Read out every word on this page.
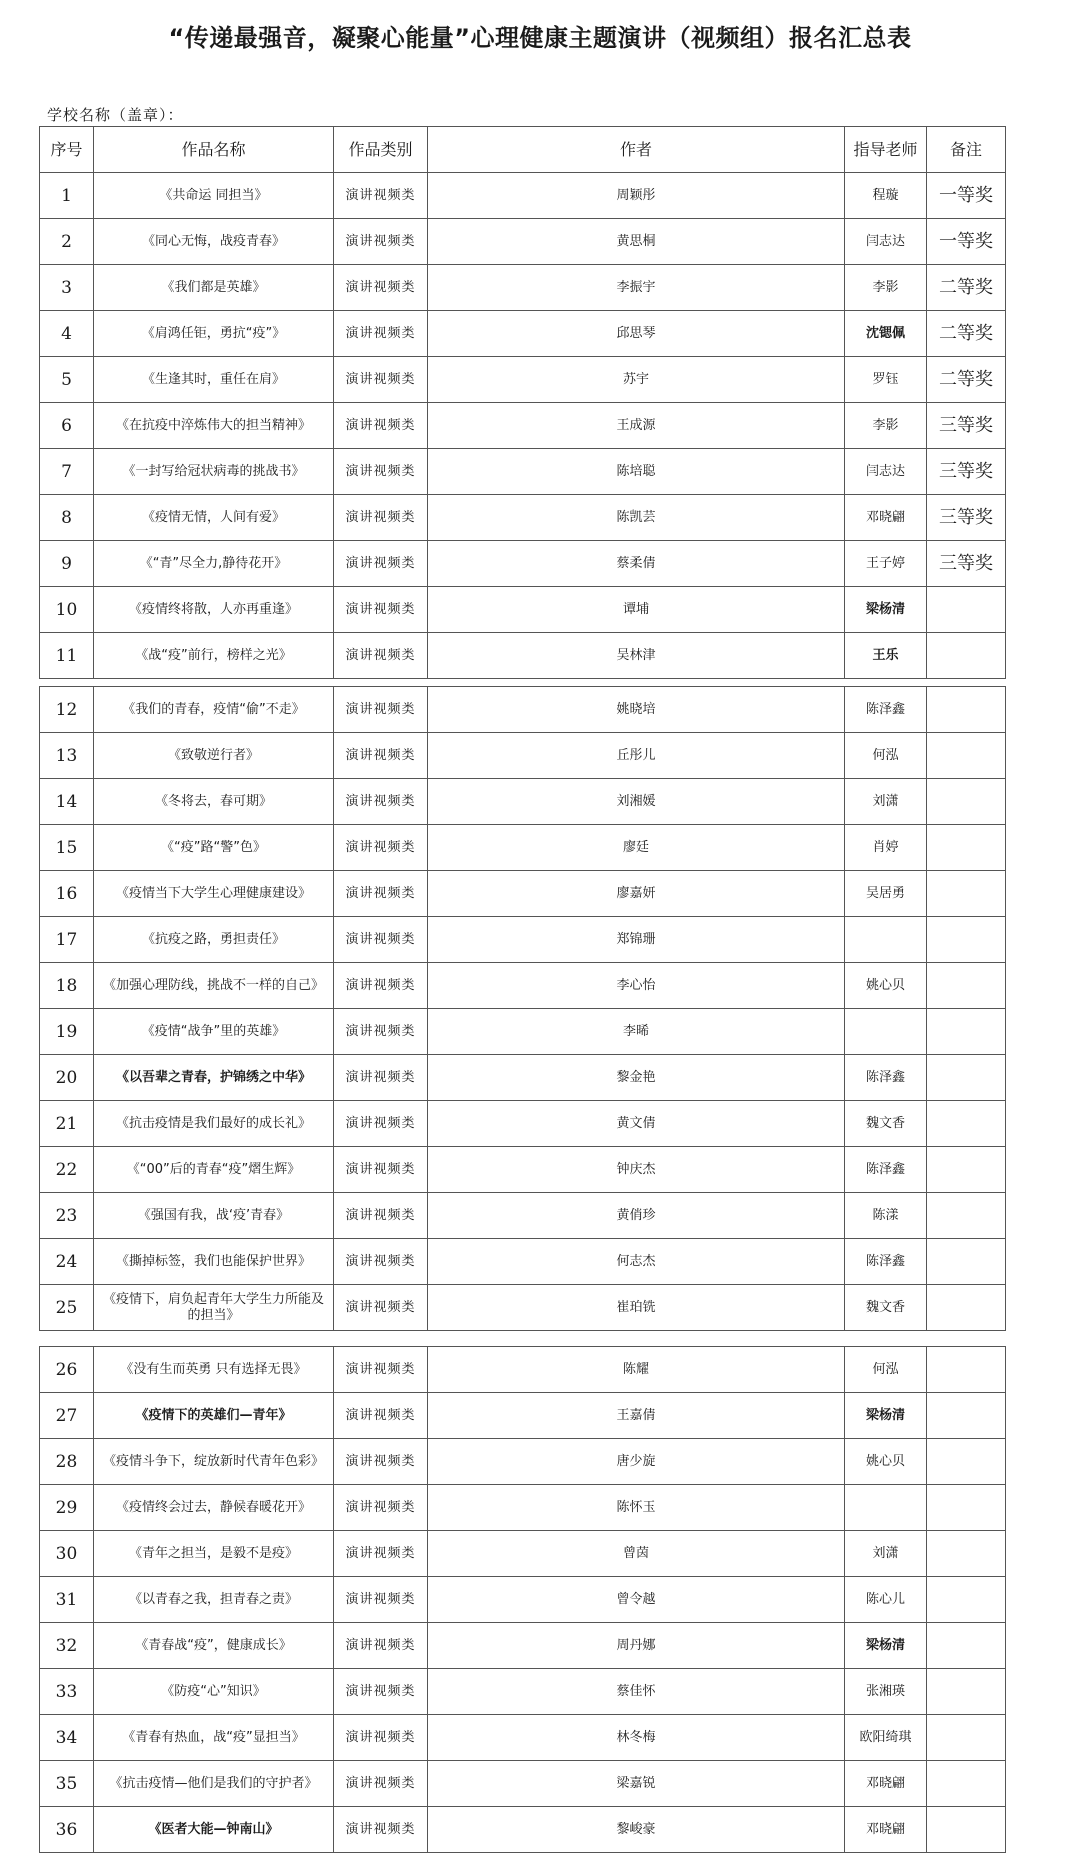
“传递最强音，凝聚心能量”心理健康主题演讲（视频组）报名汇总表
学校名称（盖章）：
序号	作品名称	作品类别	作者	指导老师	备注
1	《共命运 同担当》	演讲视频类	周颖彤	程璇	一等奖
2	《同心无悔，战疫青春》	演讲视频类	黄思桐	闫志达	一等奖
3	《我们都是英雄》	演讲视频类	李振宇	李影	二等奖
4	《肩鸿任钜，勇抗“疫”》	演讲视频类	邱思琴	沈锶佩	二等奖
5	《生逢其时，重任在肩》	演讲视频类	苏宇	罗钰	二等奖
6	《在抗疫中淬炼伟大的担当精神》	演讲视频类	王成源	李影	三等奖
7	《一封写给冠状病毒的挑战书》	演讲视频类	陈培聪	闫志达	三等奖
8	《疫情无情，人间有爱》	演讲视频类	陈凯芸	邓晓翩	三等奖
9	《“青”尽全力,静待花开》	演讲视频类	蔡柔倩	王子婷	三等奖
10	《疫情终将散，人亦再重逢》	演讲视频类	谭埔	梁杨清	
11	《战“疫”前行，榜样之光》	演讲视频类	吴林津	王乐	
12	《我们的青春，疫情“偷”不走》	演讲视频类	姚晓培	陈泽鑫	
13	《致敬逆行者》	演讲视频类	丘彤儿	何泓	
14	《冬将去，春可期》	演讲视频类	刘湘媛	刘潇	
15	《“疫”路“警”色》	演讲视频类	廖廷	肖婷	
16	《疫情当下大学生心理健康建设》	演讲视频类	廖嘉妍	吴居勇	
17	《抗疫之路，勇担责任》	演讲视频类	郑锦珊		
18	《加强心理防线，挑战不一样的自己》	演讲视频类	李心怡	姚心贝	
19	《疫情“战争”里的英雄》	演讲视频类	李晞		
20	《以吾辈之青春，护锦绣之中华》	演讲视频类	黎金艳	陈泽鑫	
21	《抗击疫情是我们最好的成长礼》	演讲视频类	黄文倩	魏文香	
22	《“00”后的青春“疫”熠生辉》	演讲视频类	钟庆杰	陈泽鑫	
23	《强国有我，战‘疫’青春》	演讲视频类	黄俏珍	陈漾	
24	《撕掉标签，我们也能保护世界》	演讲视频类	何志杰	陈泽鑫	
25	《疫情下，肩负起青年大学生力所能及的担当》	演讲视频类	崔珀铣	魏文香	
26	《没有生而英勇 只有选择无畏》	演讲视频类	陈耀	何泓	
27	《疫情下的英雄们—青年》	演讲视频类	王嘉倩	梁杨清	
28	《疫情斗争下，绽放新时代青年色彩》	演讲视频类	唐少旋	姚心贝	
29	《疫情终会过去，静候春暖花开》	演讲视频类	陈怀玉		
30	《青年之担当，是毅不是疫》	演讲视频类	曾茵	刘潇	
31	《以青春之我，担青春之责》	演讲视频类	曾令越	陈心儿	
32	《青春战“疫”，健康成长》	演讲视频类	周丹娜	梁杨清	
33	《防疫“心”知识》	演讲视频类	蔡佳怀	张湘瑛	
34	《青春有热血，战“疫”显担当》	演讲视频类	林冬梅	欧阳绮琪	
35	《抗击疫情—他们是我们的守护者》	演讲视频类	梁嘉锐	邓晓翩	
36	《医者大能—钟南山》	演讲视频类	黎峻豪	邓晓翩	
